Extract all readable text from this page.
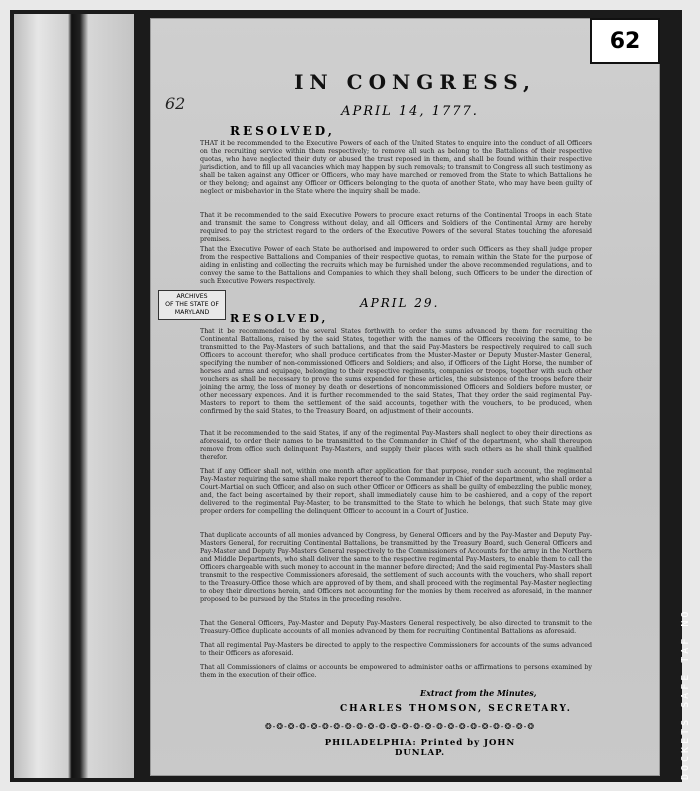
62
62
DOCKETS SAFE TAF NO
ARCHIVES
OF THE STATE OF
MARYLAND
IN CONGRESS,
APRIL 14, 1777.
RESOLVED,
THAT it be recommended to the Executive Powers of each of the United States to enquire into the conduct of all Officers on the recruiting service within them respectively; to remove all such as belong to the Battalions of their respective quotas, who have neglected their duty or abused the trust reposed in them, and shall be found within their respective jurisdiction, and to fill up all vacancies which may happen by such removals; to transmit to Congress all such testimony as shall be taken against any Officer or Officers, who may have marched or removed from the State to which Battalions he or they belong; and against any Officer or Officers belonging to the quota of another State, who may have been guilty of neglect or misbehavior in the State where the inquiry shall be made.
That it be recommended to the said Executive Powers to procure exact returns of the Continental Troops in each State and transmit the same to Congress without delay, and all Officers and Soldiers of the Continental Army are hereby required to pay the strictest regard to the orders of the Executive Powers of the several States touching the aforesaid premises.
That the Executive Power of each State be authorised and impowered to order such Officers as they shall judge proper from the respective Battalions and Companies of their respective quotas, to remain within the State for the purpose of aiding in enlisting and collecting the recruits which may be furnished under the above recommended regulations, and to convey the same to the Battalions and Companies to which they shall belong, such Officers to be under the direction of such Executive Powers respectively.
APRIL 29.
RESOLVED,
That it be recommended to the several States forthwith to order the sums advanced by them for recruiting the Continental Battalions, raised by the said States, together with the names of the Officers receiving the same, to be transmitted to the Pay-Masters of such battalions, and that the said Pay-Masters be respectively required to call such Officers to account therefor, who shall produce certificates from the Muster-Master or Deputy Muster-Master General, specifying the number of non-commissioned Officers and Soldiers; and also, if Officers of the Light Horse, the number of horses and arms and equipage, belonging to their respective regiments, companies or troops, together with such other vouchers as shall be necessary to prove the sums expended for these articles, the subsistence of the troops before their joining the army, the loss of money by death or desertions of noncommissioned Officers and Soldiers before muster, or other necessary expences. And it is further recommended to the said States, That they order the said regimental Pay-Masters to report to them the settlement of the said accounts, together with the vouchers, to be produced, when confirmed by the said States, to the Treasury Board, on adjustment of their accounts.
That it be recommended to the said States, if any of the regimental Pay-Masters shall neglect to obey their directions as aforesaid, to order their names to be transmitted to the Commander in Chief of the department, who shall thereupon remove from office such delinquent Pay-Masters, and supply their places with such others as he shall think qualified therefor.
That if any Officer shall not, within one month after application for that purpose, render such account, the regimental Pay-Master requiring the same shall make report thereof to the Commander in Chief of the department, who shall order a Court-Martial on such Officer, and also on such other Officer or Officers as shall be guilty of embezzling the public money, and, the fact being ascertained by their report, shall immediately cause him to be cashiered, and a copy of the report delivered to the regimental Pay-Master, to be transmitted to the State to which he belongs, that such State may give proper orders for compelling the delinquent Officer to account in a Court of Justice.
That duplicate accounts of all monies advanced by Congress, by General Officers and by the Pay-Master and Deputy Pay-Masters General, for recruiting Continental Battalions, be transmitted by the Treasury Board, such General Officers and Pay-Master and Deputy Pay-Masters General respectively to the Commissioners of Accounts for the army in the Northern and Middle Departments, who shall deliver the same to the respective regimental Pay-Masters, to enable them to call the Officers chargeable with such money to account in the manner before directed; And the said regimental Pay-Masters shall transmit to the respective Commissioners aforesaid, the settlement of such accounts with the vouchers, who shall report to the Treasury-Office those which are approved of by them, and shall proceed with the regimental Pay-Master neglecting to obey their directions herein, and Officers not accounting for the monies by them received as aforesaid, in the manner proposed to be pursued by the States in the preceding resolve.
That the General Officers, Pay-Master and Deputy Pay-Masters General respectively, be also directed to transmit to the Treasury-Office duplicate accounts of all monies advanced by them for recruiting Continental Battalions as aforesaid.
That all regimental Pay-Masters be directed to apply to the respective Commissioners for accounts of the sums advanced to their Officers as aforesaid.
That all Commissioners of claims or accounts be empowered to administer oaths or affirmations to persons examined by them in the execution of their office.
Extract from the Minutes,
CHARLES THOMSON, SECRETARY.
❂-❂-❂-❂-❂-❂-❂-❂-❂-❂-❂-❂-❂-❂-❂-❂-❂-❂-❂-❂-❂-❂-❂-❂
PHILADELPHIA: Printed by JOHN DUNLAP.
